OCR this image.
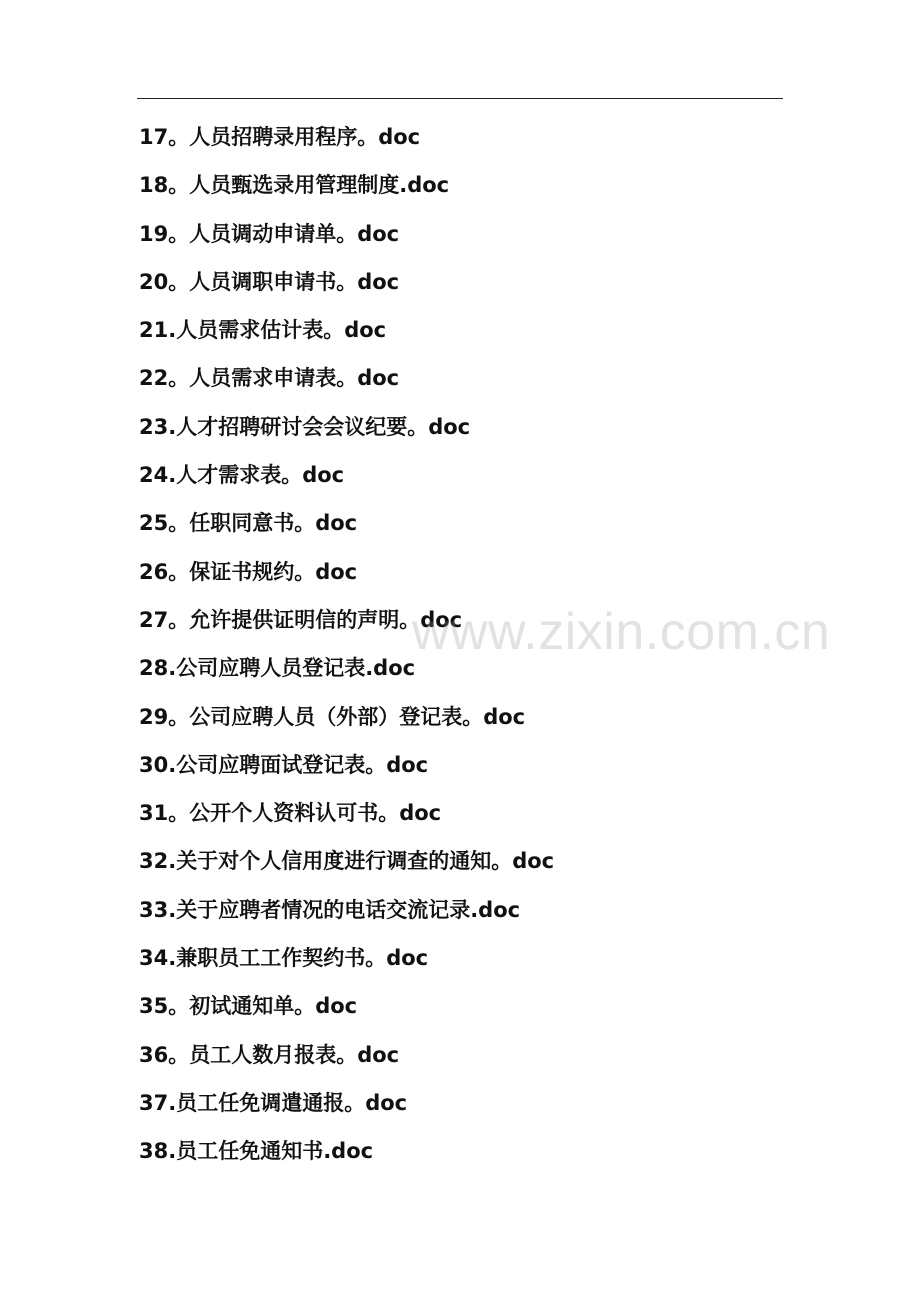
17。人员招聘录用程序。doc
18。人员甄选录用管理制度.doc
19。人员调动申请单。doc
20。人员调职申请书。doc
21.人员需求估计表。doc
22。人员需求申请表。doc
23.人才招聘研讨会会议纪要。doc
24.人才需求表。doc
25。任职同意书。doc
26。保证书规约。doc
27。允许提供证明信的声明。doc
28.公司应聘人员登记表.doc
29。公司应聘人员（外部）登记表。doc
30.公司应聘面试登记表。doc
31。公开个人资料认可书。doc
32.关于对个人信用度进行调查的通知。doc
33.关于应聘者情况的电话交流记录.doc
34.兼职员工工作契约书。doc
35。初试通知单。doc
36。员工人数月报表。doc
37.员工任免调遣通报。doc
38.员工任免通知书.doc
www.zixin.com.cn
